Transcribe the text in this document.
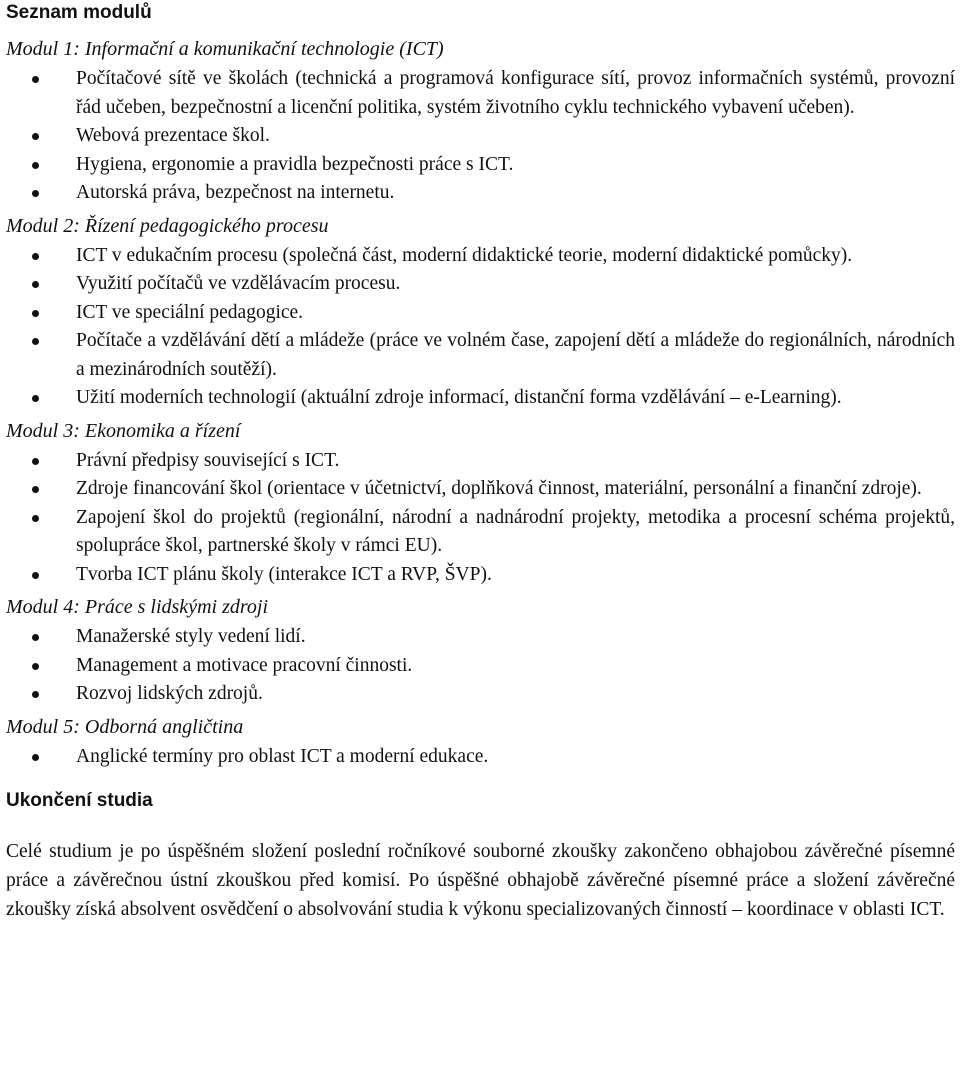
Seznam modulů

Modul 1: Informační a komunikační technologie (ICT)

Počítačové sítě ve školách (technická a programová konfigurace sítí, provoz informačních systémů, provozní řád učeben, bezpečnostní a licenční politika, systém životního cyklu technického vybavení učeben).
Webová prezentace škol.
Hygiena, ergonomie a pravidla bezpečnosti práce s ICT.
Autorská práva, bezpečnost na internetu.

Modul 2: Řízení pedagogického procesu

ICT v edukačním procesu (společná část, moderní didaktické teorie, moderní didaktické pomůcky).
Využití počítačů ve vzdělávacím procesu.
ICT ve speciální pedagogice.
Počítače a vzdělávání dětí a mládeže (práce ve volném čase, zapojení dětí a mládeže do regionálních, národních a mezinárodních soutěží).
Užití moderních technologií (aktuální zdroje informací, distanční forma vzdělávání – e-Learning).

Modul 3: Ekonomika a řízení

Právní předpisy související s ICT.
Zdroje financování škol (orientace v účetnictví, doplňková činnost, materiální, personální a finanční zdroje).
Zapojení škol do projektů (regionální, národní a nadnárodní projekty, metodika a procesní schéma projektů, spolupráce škol, partnerské školy v rámci EU).
Tvorba ICT plánu školy (interakce ICT a RVP, ŠVP).

Modul 4: Práce s lidskými zdroji

Manažerské styly vedení lidí.
Management a motivace pracovní činnosti.
Rozvoj lidských zdrojů.

Modul 5: Odborná angličtina

Anglické termíny pro oblast ICT a moderní edukace.
Ukončení studia

Celé studium je po úspěšném složení poslední ročníkové souborné zkoušky zakončeno obhajobou závěrečné písemné práce a závěrečnou ústní zkouškou před komisí. Po úspěšné obhajobě závěrečné písemné práce a složení závěrečné zkoušky získá absolvent osvědčení o absolvování studia k výkonu specializovaných činností – koordinace v oblasti ICT.
